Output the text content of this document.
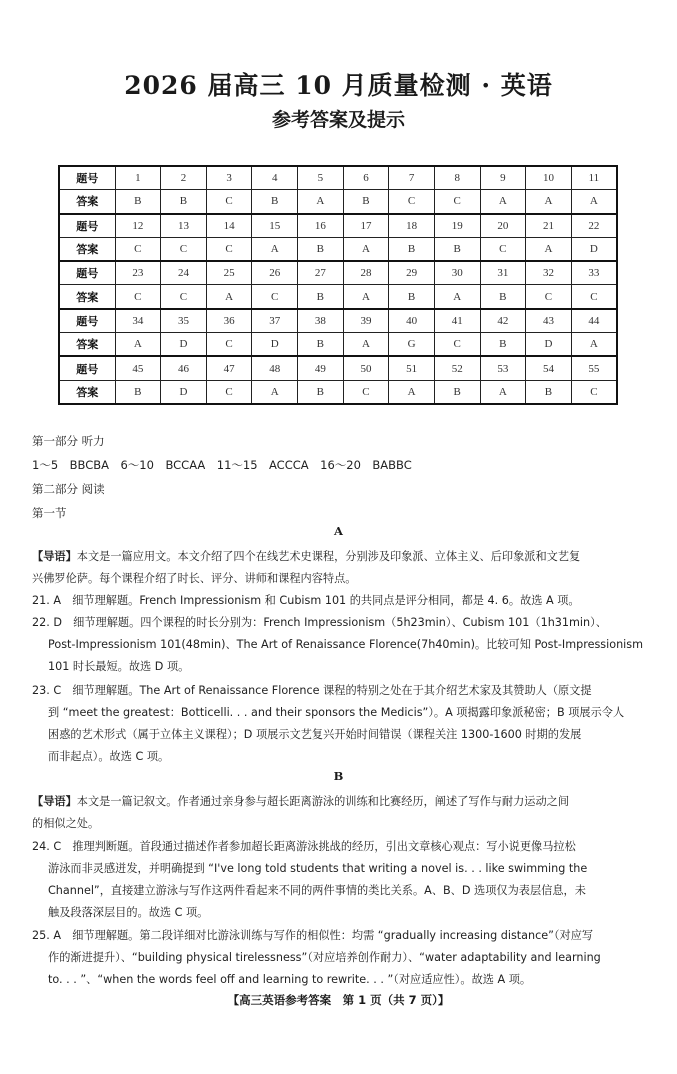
2026 届高三 10 月质量检测 · 英语
参考答案及提示
题号	1	2	3	4	5	6	7	8	9	10	11
答案	B	B	C	B	A	B	C	C	A	A	A
题号	12	13	14	15	16	17	18	19	20	21	22
答案	C	C	C	A	B	A	B	B	C	A	D
题号	23	24	25	26	27	28	29	30	31	32	33
答案	C	C	A	C	B	A	B	A	B	C	C
题号	34	35	36	37	38	39	40	41	42	43	44
答案	A	D	C	D	B	A	G	C	B	D	A
题号	45	46	47	48	49	50	51	52	53	54	55
答案	B	D	C	A	B	C	A	B	A	B	C
第一部分 听力
1～5　BBCBA　6～10　BCCAA　11～15　ACCCA　16～20　BABBC
第二部分 阅读
第一节
A
【导语】本文是一篇应用文。本文介绍了四个在线艺术史课程，分别涉及印象派、立体主义、后印象派和文艺复
兴佛罗伦萨。每个课程介绍了时长、评分、讲师和课程内容特点。
21. A　细节理解题。French Impressionism 和 Cubism 101 的共同点是评分相同，都是 4. 6。故选 A 项。
22. D　细节理解题。四个课程的时长分别为：French Impressionism（5h23min）、Cubism 101（1h31min）、
Post-Impressionism 101(48min)、The Art of Renaissance Florence(7h40min)。比较可知 Post-Impressionism
101 时长最短。故选 D 项。
23. C　细节理解题。The Art of Renaissance Florence 课程的特别之处在于其介绍艺术家及其赞助人（原文提
到 “meet the greatest：Botticelli. . . and their sponsors the Medicis”）。A 项揭露印象派秘密；B 项展示令人
困惑的艺术形式（属于立体主义课程）；D 项展示文艺复兴开始时间错误（课程关注 1300-1600 时期的发展
而非起点）。故选 C 项。
B
【导语】本文是一篇记叙文。作者通过亲身参与超长距离游泳的训练和比赛经历，阐述了写作与耐力运动之间
的相似之处。
24. C　推理判断题。首段通过描述作者参加超长距离游泳挑战的经历，引出文章核心观点：写小说更像马拉松
游泳而非灵感迸发，并明确提到 “I've long told students that writing a novel is. . . like swimming the
Channel”，直接建立游泳与写作这两件看起来不同的两件事情的类比关系。A、B、D 选项仅为表层信息，未
触及段落深层目的。故选 C 项。
25. A　细节理解题。第二段详细对比游泳训练与写作的相似性：均需 “gradually increasing distance”（对应写
作的渐进提升）、“building physical tirelessness”（对应培养创作耐力）、“water adaptability and learning
to. . . ”、“when the words feel off and learning to rewrite. . . ”（对应适应性）。故选 A 项。
【高三英语参考答案　第 1 页（共 7 页）】
